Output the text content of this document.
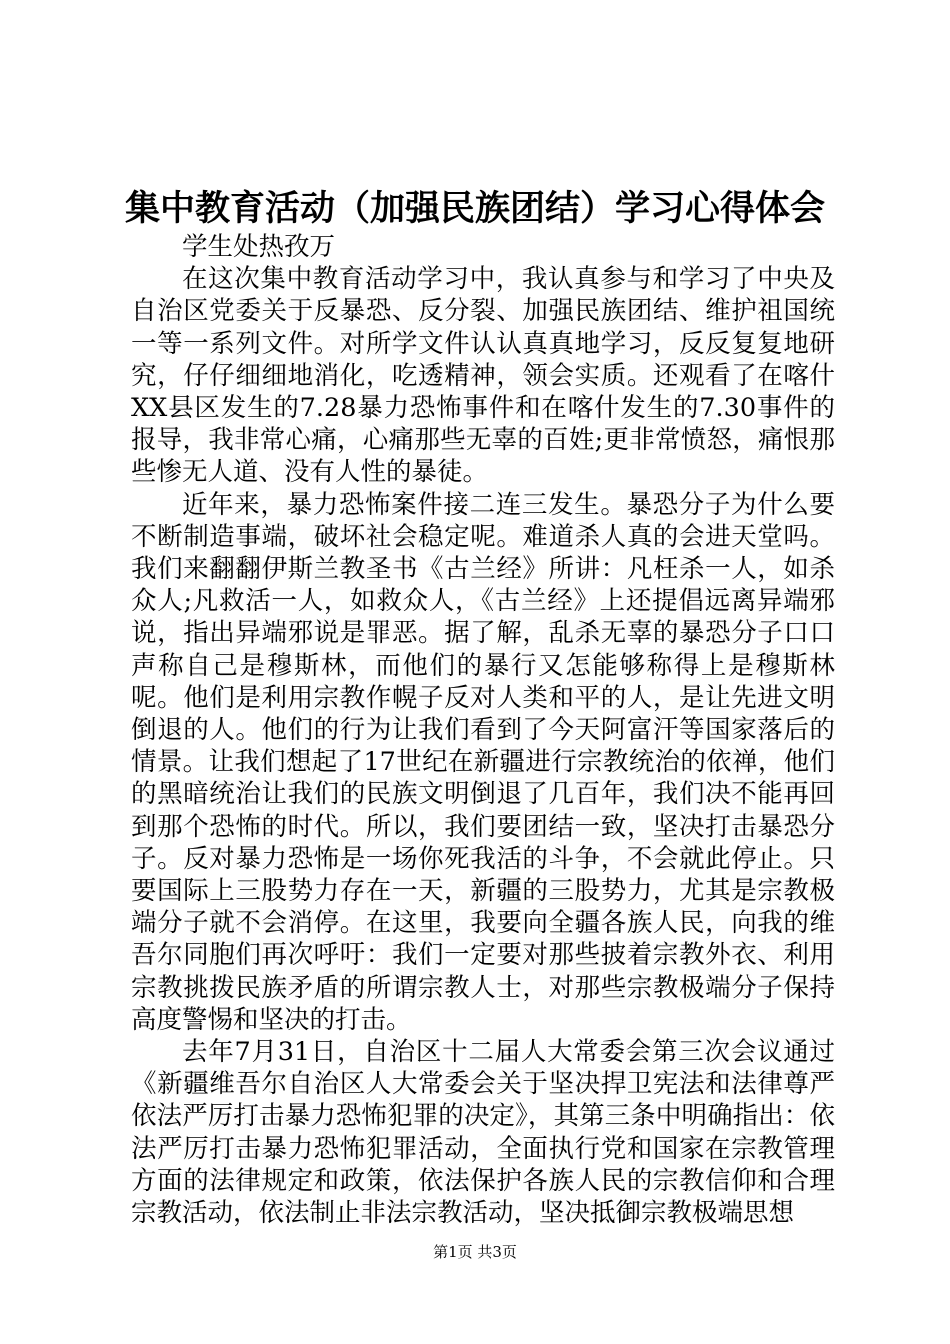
集中教育活动（加强民族团结）学习心得体会

学生处热孜万

在这次集中教育活动学习中，我认真参与和学习了中央及自治区党委关于反暴恐、反分裂、加强民族团结、维护祖国统一等一系列文件。对所学文件认认真真地学习，反反复复地研究，仔仔细细地消化，吃透精神，领会实质。还观看了在喀什XX县区发生的7.28暴力恐怖事件和在喀什发生的7.30事件的报导，我非常心痛，心痛那些无辜的百姓;更非常愤怒，痛恨那些惨无人道、没有人性的暴徒。

近年来，暴力恐怖案件接二连三发生。暴恐分子为什么要不断制造事端，破坏社会稳定呢。难道杀人真的会进天堂吗。我们来翻翻伊斯兰教圣书《古兰经》所讲：凡枉杀一人，如杀众人;凡救活一人，如救众人，《古兰经》上还提倡远离异端邪说，指出异端邪说是罪恶。据了解，乱杀无辜的暴恐分子口口声称自己是穆斯林，而他们的暴行又怎能够称得上是穆斯林呢。他们是利用宗教作幌子反对人类和平的人，是让先进文明倒退的人。他们的行为让我们看到了今天阿富汗等国家落后的情景。让我们想起了17世纪在新疆进行宗教统治的依禅，他们的黑暗统治让我们的民族文明倒退了几百年，我们决不能再回到那个恐怖的时代。所以，我们要团结一致，坚决打击暴恐分子。反对暴力恐怖是一场你死我活的斗争，不会就此停止。只要国际上三股势力存在一天，新疆的三股势力，尤其是宗教极端分子就不会消停。在这里，我要向全疆各族人民，向我的维吾尔同胞们再次呼吁：我们一定要对那些披着宗教外衣、利用宗教挑拨民族矛盾的所谓宗教人士，对那些宗教极端分子保持高度警惕和坚决的打击。

去年7月31日，自治区十二届人大常委会第三次会议通过《新疆维吾尔自治区人大常委会关于坚决捍卫宪法和法律尊严依法严厉打击暴力恐怖犯罪的决定》，其第三条中明确指出：依法严厉打击暴力恐怖犯罪活动，全面执行党和国家在宗教管理方面的法律规定和政策，依法保护各族人民的宗教信仰和合理宗教活动，依法制止非法宗教活动，坚决抵御宗教极端思想

第1页 共3页
